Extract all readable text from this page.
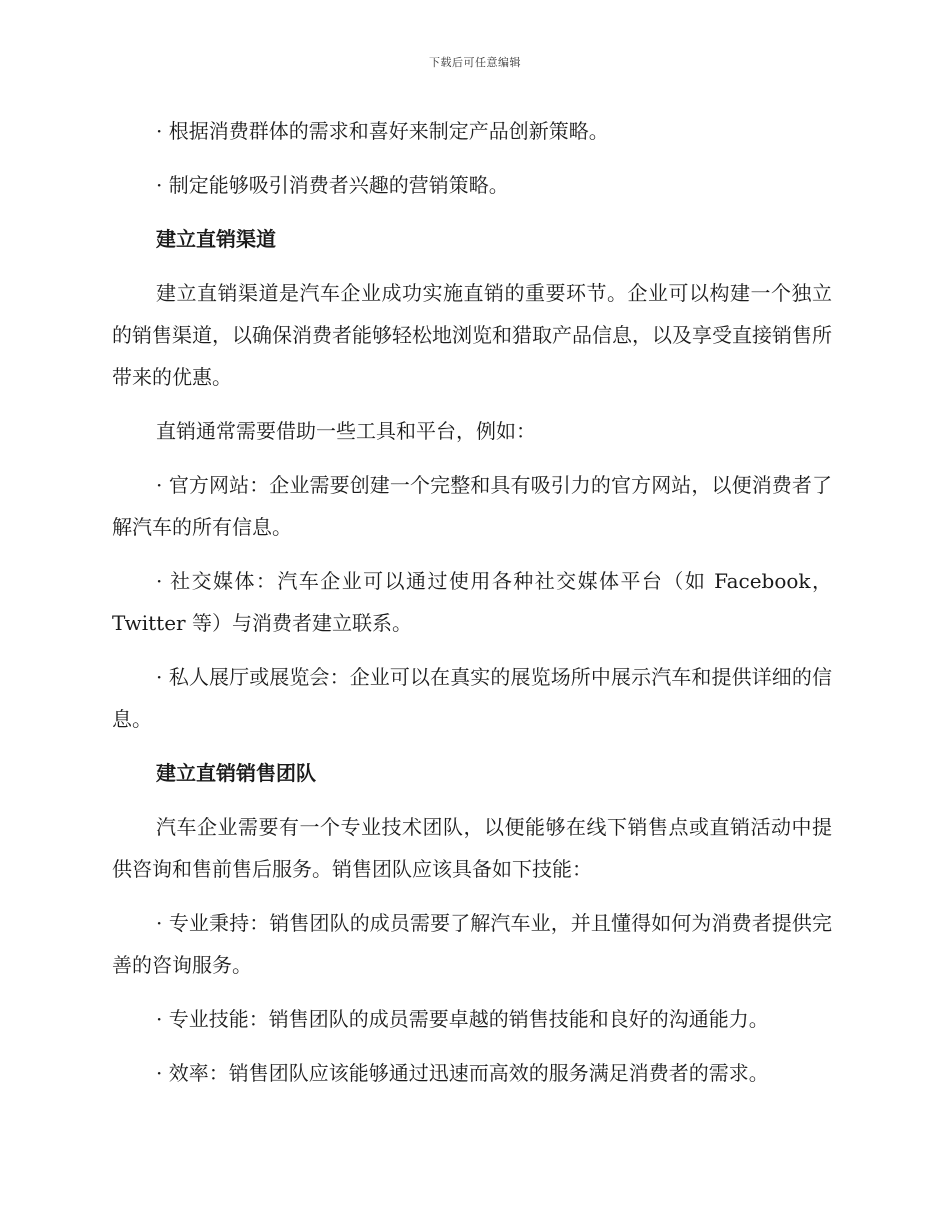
下载后可任意编辑

· 根据消费群体的需求和喜好来制定产品创新策略。

· 制定能够吸引消费者兴趣的营销策略。

建立直销渠道

建立直销渠道是汽车企业成功实施直销的重要环节。企业可以构建一个独立的销售渠道，以确保消费者能够轻松地浏览和猎取产品信息，以及享受直接销售所带来的优惠。

直销通常需要借助一些工具和平台，例如：

· 官方网站：企业需要创建一个完整和具有吸引力的官方网站，以便消费者了解汽车的所有信息。

· 社交媒体：汽车企业可以通过使用各种社交媒体平台（如 Facebook，Twitter 等）与消费者建立联系。

· 私人展厅或展览会：企业可以在真实的展览场所中展示汽车和提供详细的信息。

建立直销销售团队

汽车企业需要有一个专业技术团队，以便能够在线下销售点或直销活动中提供咨询和售前售后服务。销售团队应该具备如下技能：

· 专业秉持：销售团队的成员需要了解汽车业，并且懂得如何为消费者提供完善的咨询服务。

· 专业技能：销售团队的成员需要卓越的销售技能和良好的沟通能力。

· 效率：销售团队应该能够通过迅速而高效的服务满足消费者的需求。
